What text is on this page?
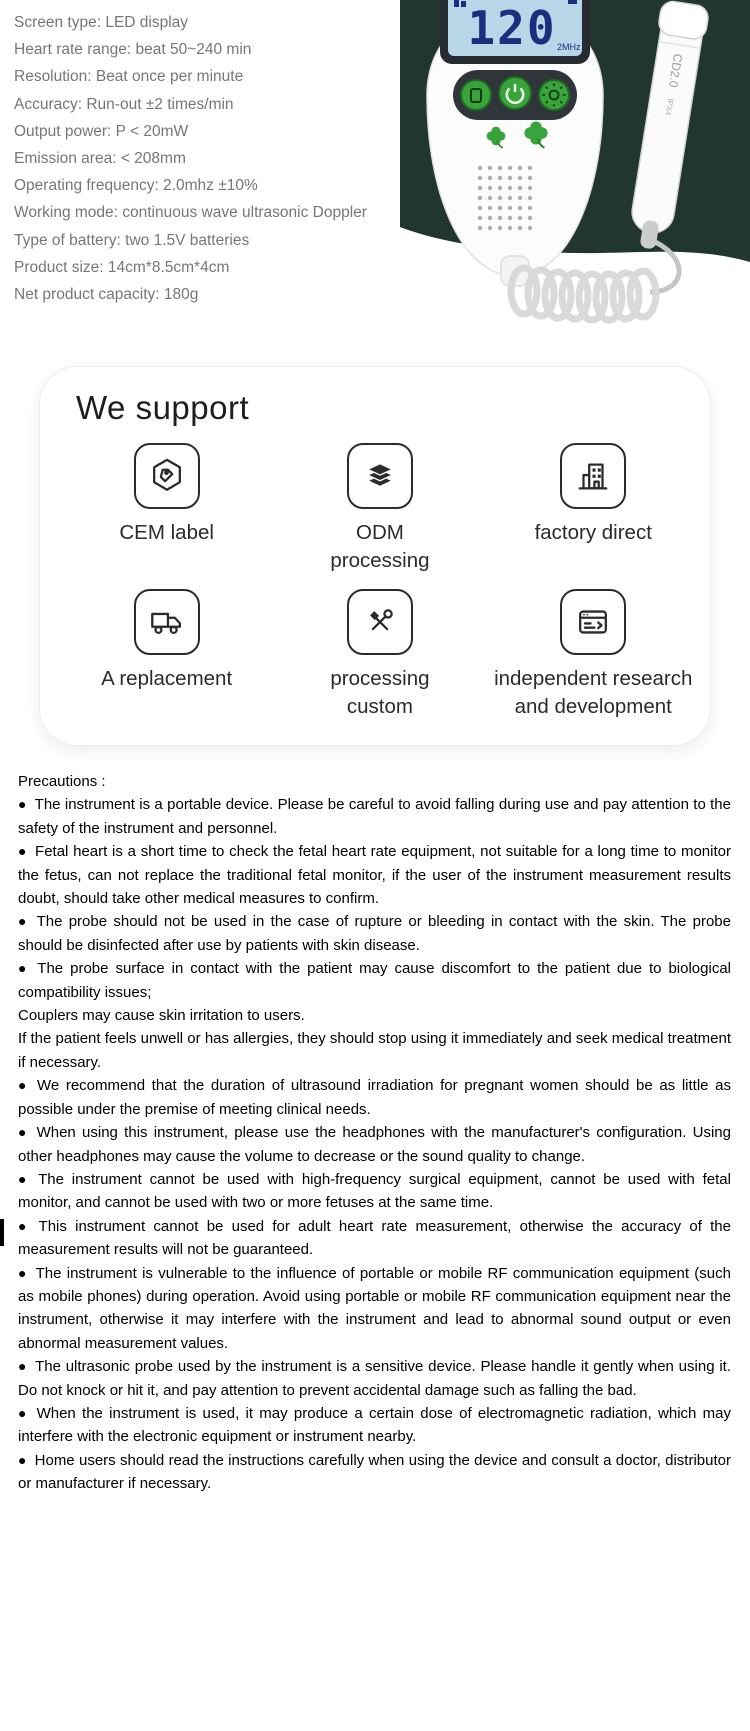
Screen type: LED display
Heart rate range: beat 50~240 min
Resolution: Beat once per minute
Accuracy: Run-out ±2 times/min
Output power: P < 20mW
Emission area: < 208mm
Operating frequency: 2.0mhz ±10%
Working mode: continuous wave ultrasonic Doppler
Type of battery: two 1.5V batteries
Product size: 14cm*8.5cm*4cm
Net product capacity: 180g
CD2.0
IPX4
120 2MHz
We support
CEM label	ODM processing
factory direct
A replacement	processing custom
independent research and development

Precautions :

● The instrument is a portable device. Please be careful to avoid falling during use and pay attention to the safety of the instrument and personnel.

● Fetal heart is a short time to check the fetal heart rate equipment, not suitable for a long time to monitor the fetus, can not replace the traditional fetal monitor, if the user of the instrument measurement results doubt, should take other medical measures to confirm.

● The probe should not be used in the case of rupture or bleeding in contact with the skin. The probe should be disinfected after use by patients with skin disease.

● The probe surface in contact with the patient may cause discomfort to the patient due to biological compatibility issues;

Couplers may cause skin irritation to users.

If the patient feels unwell or has allergies, they should stop using it immediately and seek medical treatment if necessary.

● We recommend that the duration of ultrasound irradiation for pregnant women should be as little as possible under the premise of meeting clinical needs.

● When using this instrument, please use the headphones with the manufacturer's configuration. Using other headphones may cause the volume to decrease or the sound quality to change.

● The instrument cannot be used with high-frequency surgical equipment, cannot be used with fetal monitor, and cannot be used with two or more fetuses at the same time.

● This instrument cannot be used for adult heart rate measurement, otherwise the accuracy of the measurement results will not be guaranteed.

● The instrument is vulnerable to the influence of portable or mobile RF communication equipment (such as mobile phones) during operation. Avoid using portable or mobile RF communication equipment near the instrument, otherwise it may interfere with the instrument and lead to abnormal sound output or even abnormal measurement values.

● The ultrasonic probe used by the instrument is a sensitive device. Please handle it gently when using it. Do not knock or hit it, and pay attention to prevent accidental damage such as falling the bad.

● When the instrument is used, it may produce a certain dose of electromagnetic radiation, which may interfere with the electronic equipment or instrument nearby.

● Home users should read the instructions carefully when using the device and consult a doctor, distributor or manufacturer if necessary.
